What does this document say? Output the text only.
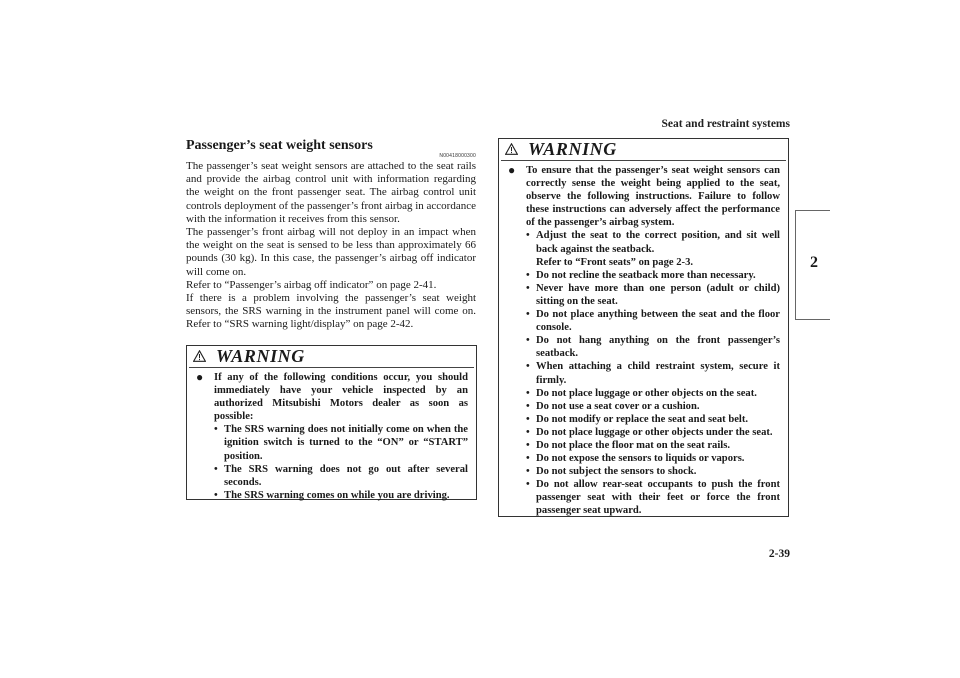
Seat and restraint systems
2
Passenger’s seat weight sensors
N00418000300

The passenger’s seat weight sensors are attached to the seat rails and provide the airbag control unit with information regarding the weight on the front passenger seat. The airbag control unit controls deployment of the passenger’s front airbag in accordance with the information it receives from this sensor.

The passenger’s front airbag will not deploy in an impact when the weight on the seat is sensed to be less than approximately 66 pounds (30 kg). In this case, the passenger’s airbag off indicator will come on.

Refer to “Passenger’s airbag off indicator” on page 2-41.

If there is a problem involving the passenger’s seat weight sensors, the SRS warning in the instrument panel will come on. Refer to “SRS warning light/display” on page 2-42.

WARNING
● If any of the following conditions occur, you should immediately have your vehicle inspected by an authorized Mitsubishi Motors dealer as soon as possible:
• The SRS warning does not initially come on when the ignition switch is turned to the “ON” or “START” position.
• The SRS warning does not go out after several seconds.
• The SRS warning comes on while you are driving.
WARNING
● To ensure that the passenger’s seat weight sensors can correctly sense the weight being applied to the seat, observe the following instructions. Failure to follow these instructions can adversely affect the performance of the passenger’s airbag system.
• Adjust the seat to the correct position, and sit well back against the seatback.
Refer to “Front seats” on page 2-3.
• Do not recline the seatback more than necessary.
• Never have more than one person (adult or child) sitting on the seat.
• Do not place anything between the seat and the floor console.
• Do not hang anything on the front passenger’s seatback.
• When attaching a child restraint system, secure it firmly.
• Do not place luggage or other objects on the seat.
• Do not use a seat cover or a cushion.
• Do not modify or replace the seat and seat belt.
• Do not place luggage or other objects under the seat.
• Do not place the floor mat on the seat rails.
• Do not expose the sensors to liquids or vapors.
• Do not subject the sensors to shock.
• Do not allow rear-seat occupants to push the front passenger seat with their feet or force the front passenger seat upward.
2-39
